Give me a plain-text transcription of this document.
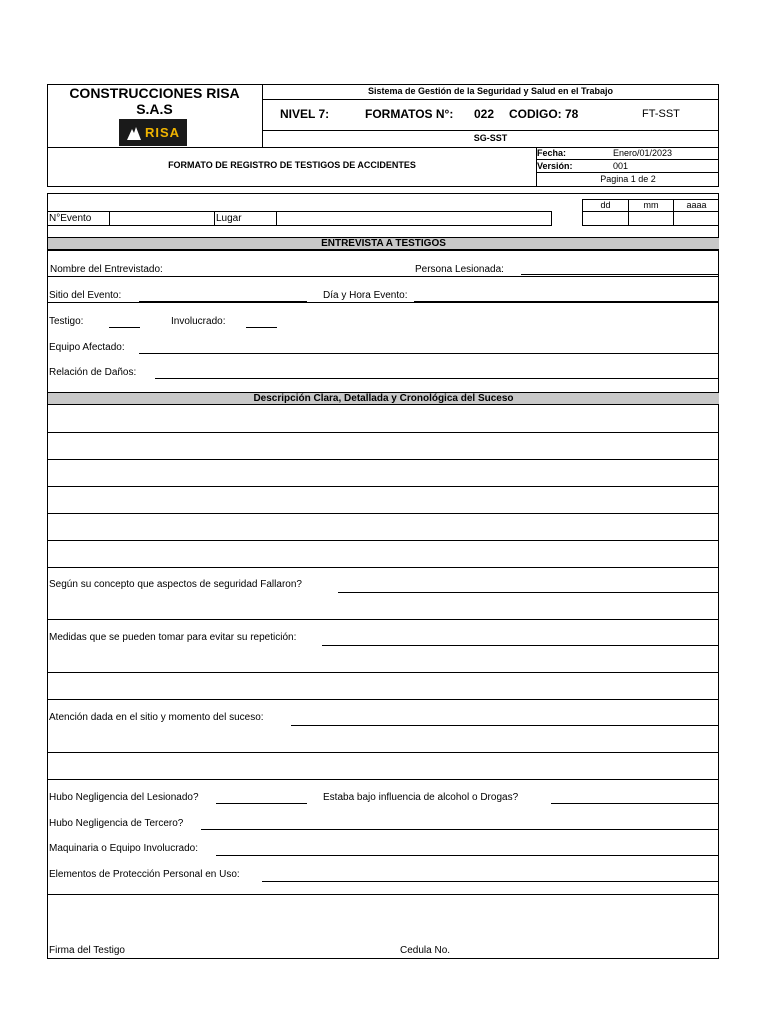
CONSTRUCCIONES RISA
S.A.S
RISA
Sistema de Gestión de la Seguridad y Salud en el Trabajo
NIVEL 7:	FORMATOS N°: 022 CODIGO: 78	FT-SST
SG-SST
FORMATO DE REGISTRO DE TESTIGOS DE ACCIDENTES
Fecha:	Enero/01/2023
Versión:	001
Pagina 1 de 2
dd	mm	aaaa
N°Evento	Lugar
ENTREVISTA A TESTIGOS
Nombre del Entrevistado:	Persona Lesionada:
Sitio del Evento:	Día y Hora Evento:
Testigo:	Involucrado:
Equipo Afectado:
Relación de Daños:
Descripción Clara, Detallada y Cronológica del Suceso
Según su concepto que aspectos de seguridad Fallaron?
Medidas que se pueden tomar para evitar su repetición:
Atención dada en el sitio y momento del suceso:
Hubo Negligencia del Lesionado?	Estaba bajo influencia de alcohol o Drogas?
Hubo Negligencia de Tercero?
Maquinaria o Equipo Involucrado:
Elementos de Protección Personal en Uso:
Firma del Testigo	Cedula No.
